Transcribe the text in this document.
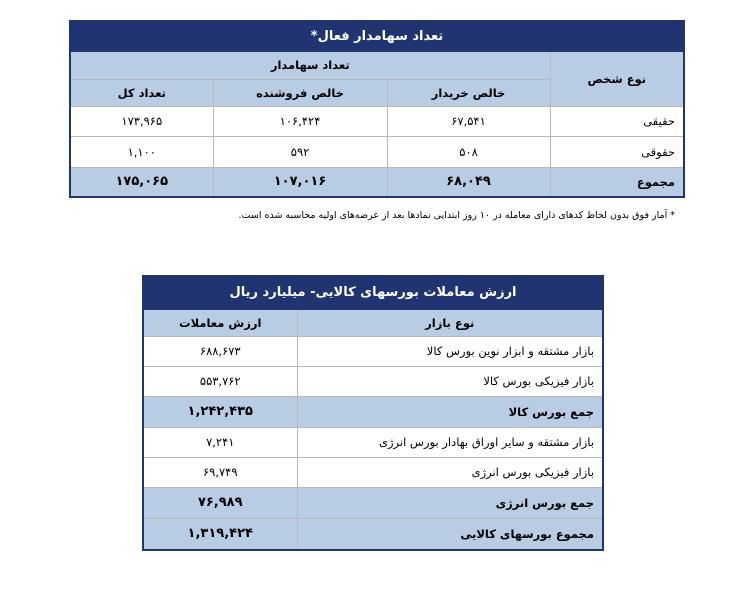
تعداد سهامدار فعال*			
نوع شخص	تعداد سهامدار		
	خالص خریدار	خالص فروشنده	تعداد کل
حقیقی	۶۷,۵۴۱	۱۰۶,۴۲۴	۱۷۳,۹۶۵
حقوقی	۵۰۸	۵۹۲	۱,۱۰۰
مجموع	۶۸,۰۴۹	۱۰۷,۰۱۶	۱۷۵,۰۶۵
* آمار فوق بدون لحاظ کدهای دارای معامله در ۱۰ روز ابتدایی نمادها بعد از عرضه‌های اولیه محاسبه شده است.
ارزش معاملات بورسهای کالایی- میلیارد ریال	
نوع بازار	ارزش معاملات
بازار مشتقه و ابزار نوین بورس کالا	۶۸۸,۶۷۳
بازار فیزیکی بورس کالا	۵۵۳,۷۶۲
جمع بورس کالا	۱,۲۴۲,۴۳۵
بازار مشتقه و سایر اوراق بهادار بورس انرژی	۷,۲۴۱
بازار فیزیکی بورس انرژی	۶۹,۷۴۹
جمع بورس انرژی	۷۶,۹۸۹
مجموع بورسهای کالایی	۱,۳۱۹,۴۲۴
